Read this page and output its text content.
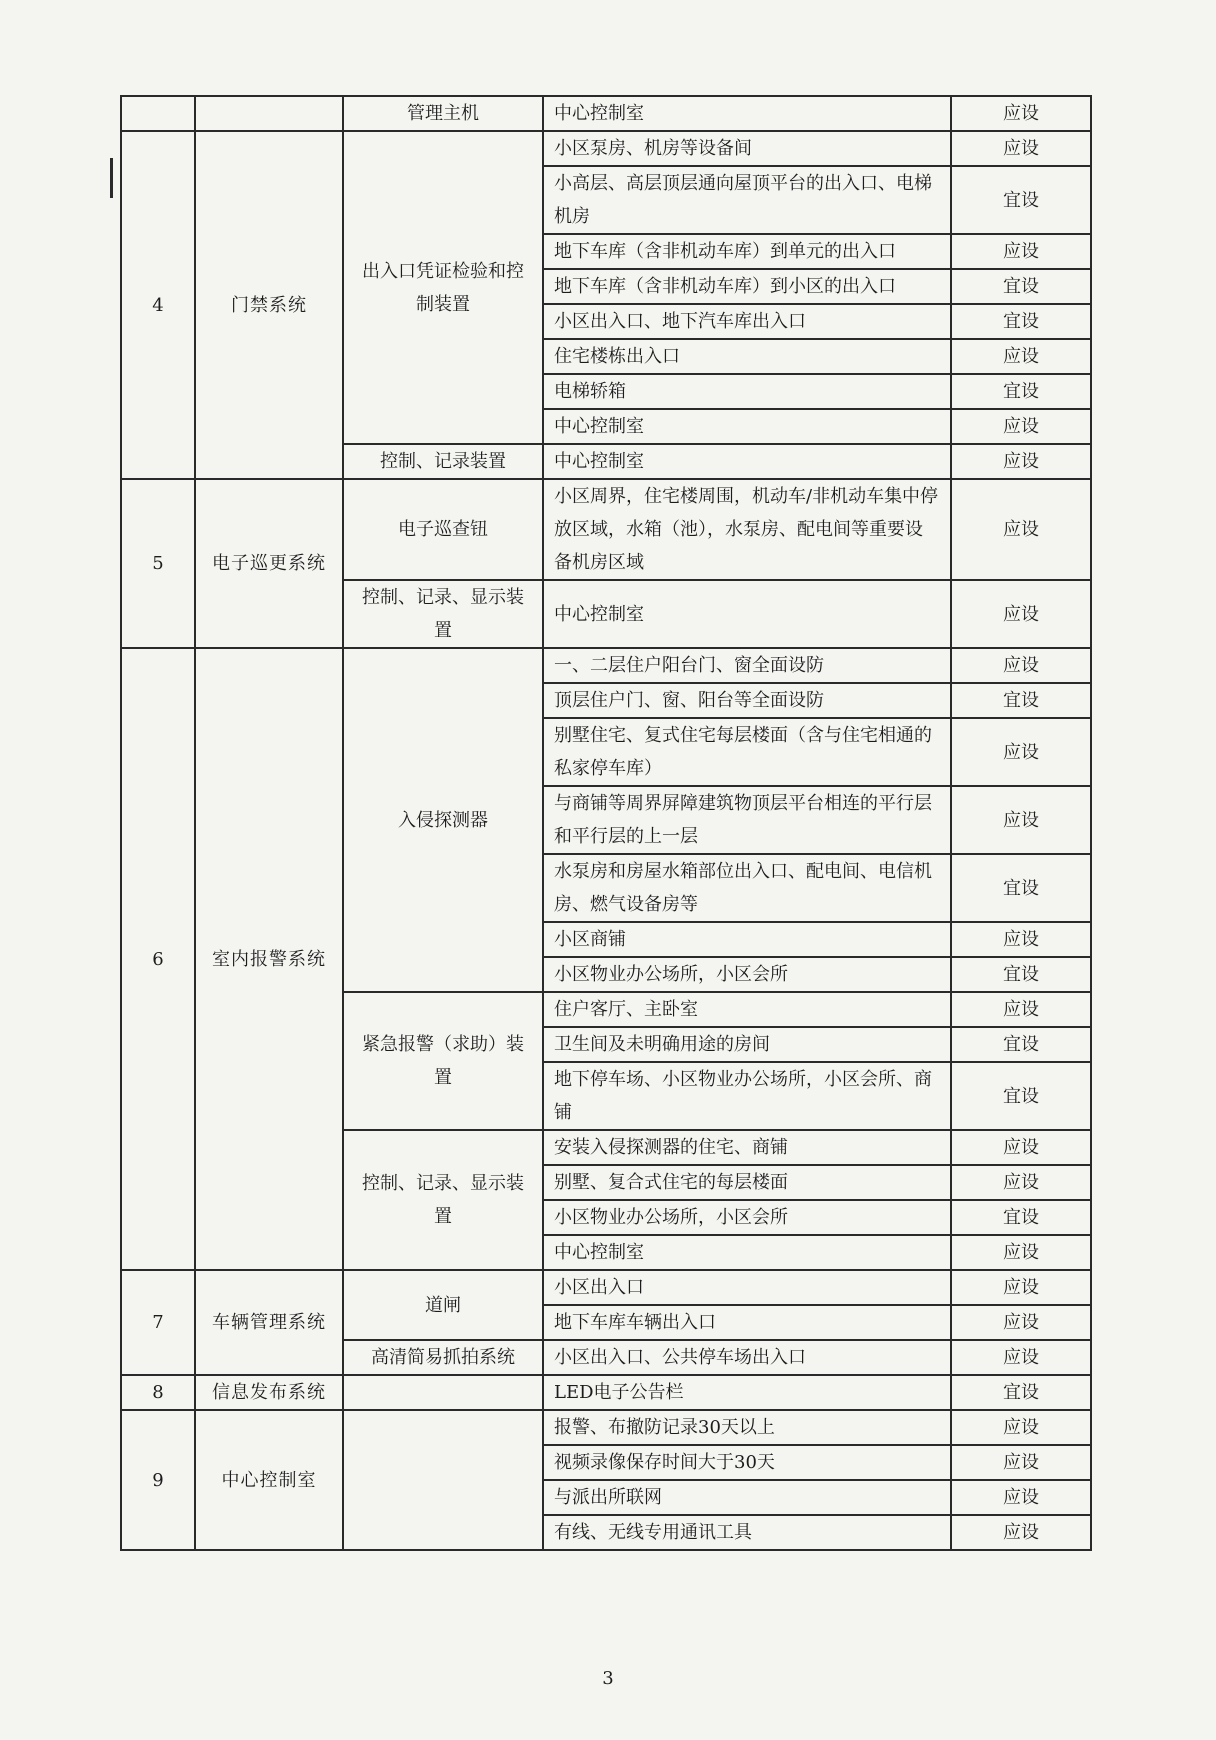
		管理主机	中心控制室	应设
4	门禁系统	出入口凭证检验和控制装置	小区泵房、机房等设备间	应设
			小高层、高层顶层通向屋顶平台的出入口、电梯机房	宜设
			地下车库（含非机动车库）到单元的出入口	应设
			地下车库（含非机动车库）到小区的出入口	宜设
			小区出入口、地下汽车库出入口	宜设
			住宅楼栋出入口	应设
			电梯轿箱	宜设
			中心控制室	应设
		控制、记录装置	中心控制室	应设
5	电子巡更系统	电子巡查钮	小区周界，住宅楼周围，机动车/非机动车集中停放区域，水箱（池），水泵房、配电间等重要设备机房区域	应设
		控制、记录、显示装置	中心控制室	应设
6	室内报警系统	入侵探测器	一、二层住户阳台门、窗全面设防	应设
			顶层住户门、窗、阳台等全面设防	宜设
			别墅住宅、复式住宅每层楼面（含与住宅相通的私家停车库）	应设
			与商铺等周界屏障建筑物顶层平台相连的平行层和平行层的上一层	应设
			水泵房和房屋水箱部位出入口、配电间、电信机房、燃气设备房等	宜设
			小区商铺	应设
			小区物业办公场所，小区会所	宜设
		紧急报警（求助）装置	住户客厅、主卧室	应设
			卫生间及未明确用途的房间	宜设
			地下停车场、小区物业办公场所，小区会所、商铺	宜设
		控制、记录、显示装置	安装入侵探测器的住宅、商铺	应设
			别墅、复合式住宅的每层楼面	应设
			小区物业办公场所，小区会所	宜设
			中心控制室	应设
7	车辆管理系统	道闸	小区出入口	应设
			地下车库车辆出入口	应设
		高清简易抓拍系统	小区出入口、公共停车场出入口	应设
8	信息发布系统		LED电子公告栏	宜设
9	中心控制室		报警、布撤防记录30天以上	应设
			视频录像保存时间大于30天	应设
			与派出所联网	应设
			有线、无线专用通讯工具	应设
3
